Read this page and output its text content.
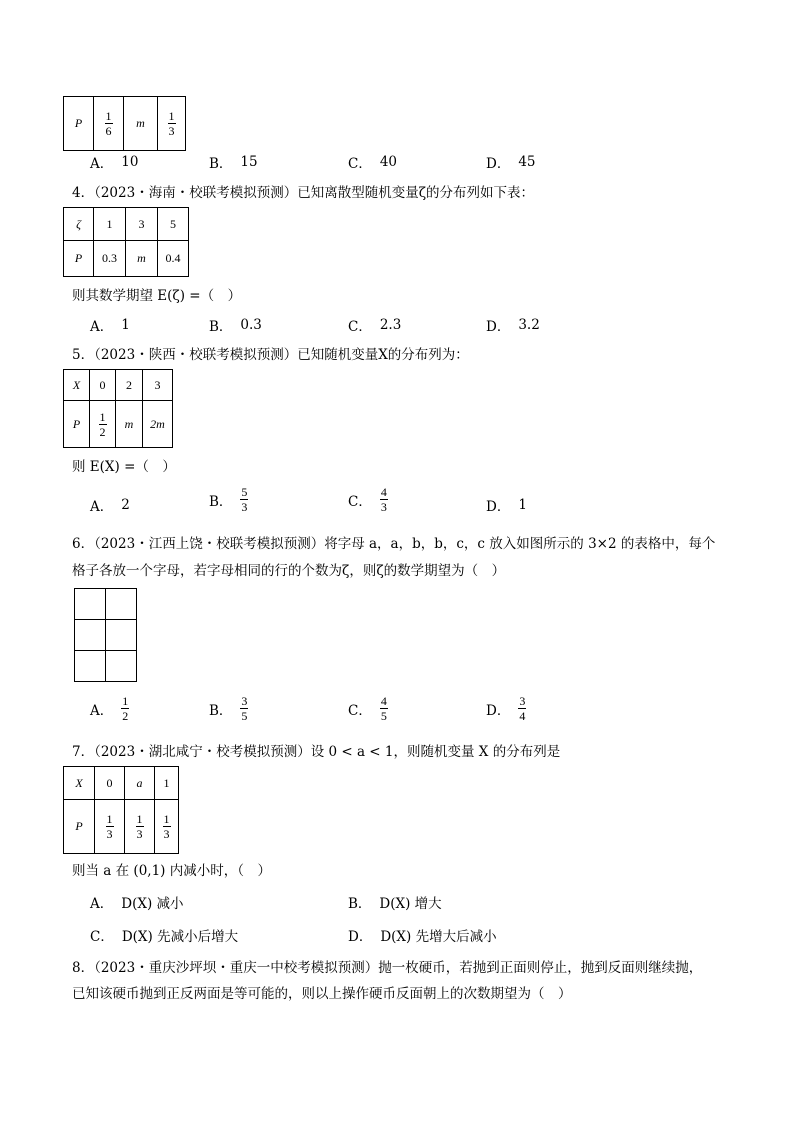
P	$\frac{1}{6}$	m	$\frac{1}{3}$
A． 10	B． 15	C． 40	D． 45
4．（2023・海南・校联考模拟预测）已知离散型随机变量ζ的分布列如下表：
ζ	1	3	5
P	0.3	m	0.4
则其数学期望 E(ζ) =（　）
A． 1	B． 0.3	C． 2.3	D． 3.2
5．（2023・陕西・校联考模拟预测）已知随机变量X的分布列为：
X	0	2	3
P	$\frac{1}{2}$	m	2m
则 E(X) =（　）
A． 2	B． $\frac{5}{3}$	C． $\frac{4}{3}$	D． 1
6．（2023・江西上饶・校联考模拟预测）将字母 a，a，b，b，c，c 放入如图所示的 3×2 的表格中，每个
格子各放一个字母，若字母相同的行的个数为ζ，则ζ的数学期望为（　）

A． $\frac{1}{2}$	B． $\frac{3}{5}$	C． $\frac{4}{5}$	D． $\frac{3}{4}$
7．（2023・湖北咸宁・校考模拟预测）设 0 < a < 1，则随机变量 X 的分布列是
X	0	a	1
P	$\frac{1}{3}$	$\frac{1}{3}$	$\frac{1}{3}$
则当 a 在 (0,1) 内减小时，（　）
A． D(X) 减小	B． D(X) 增大
C． D(X) 先减小后增大	D． D(X) 先增大后减小
8．（2023・重庆沙坪坝・重庆一中校考模拟预测）抛一枚硬币，若抛到正面则停止，抛到反面则继续抛，
已知该硬币抛到正反两面是等可能的，则以上操作硬币反面朝上的次数期望为（　）
